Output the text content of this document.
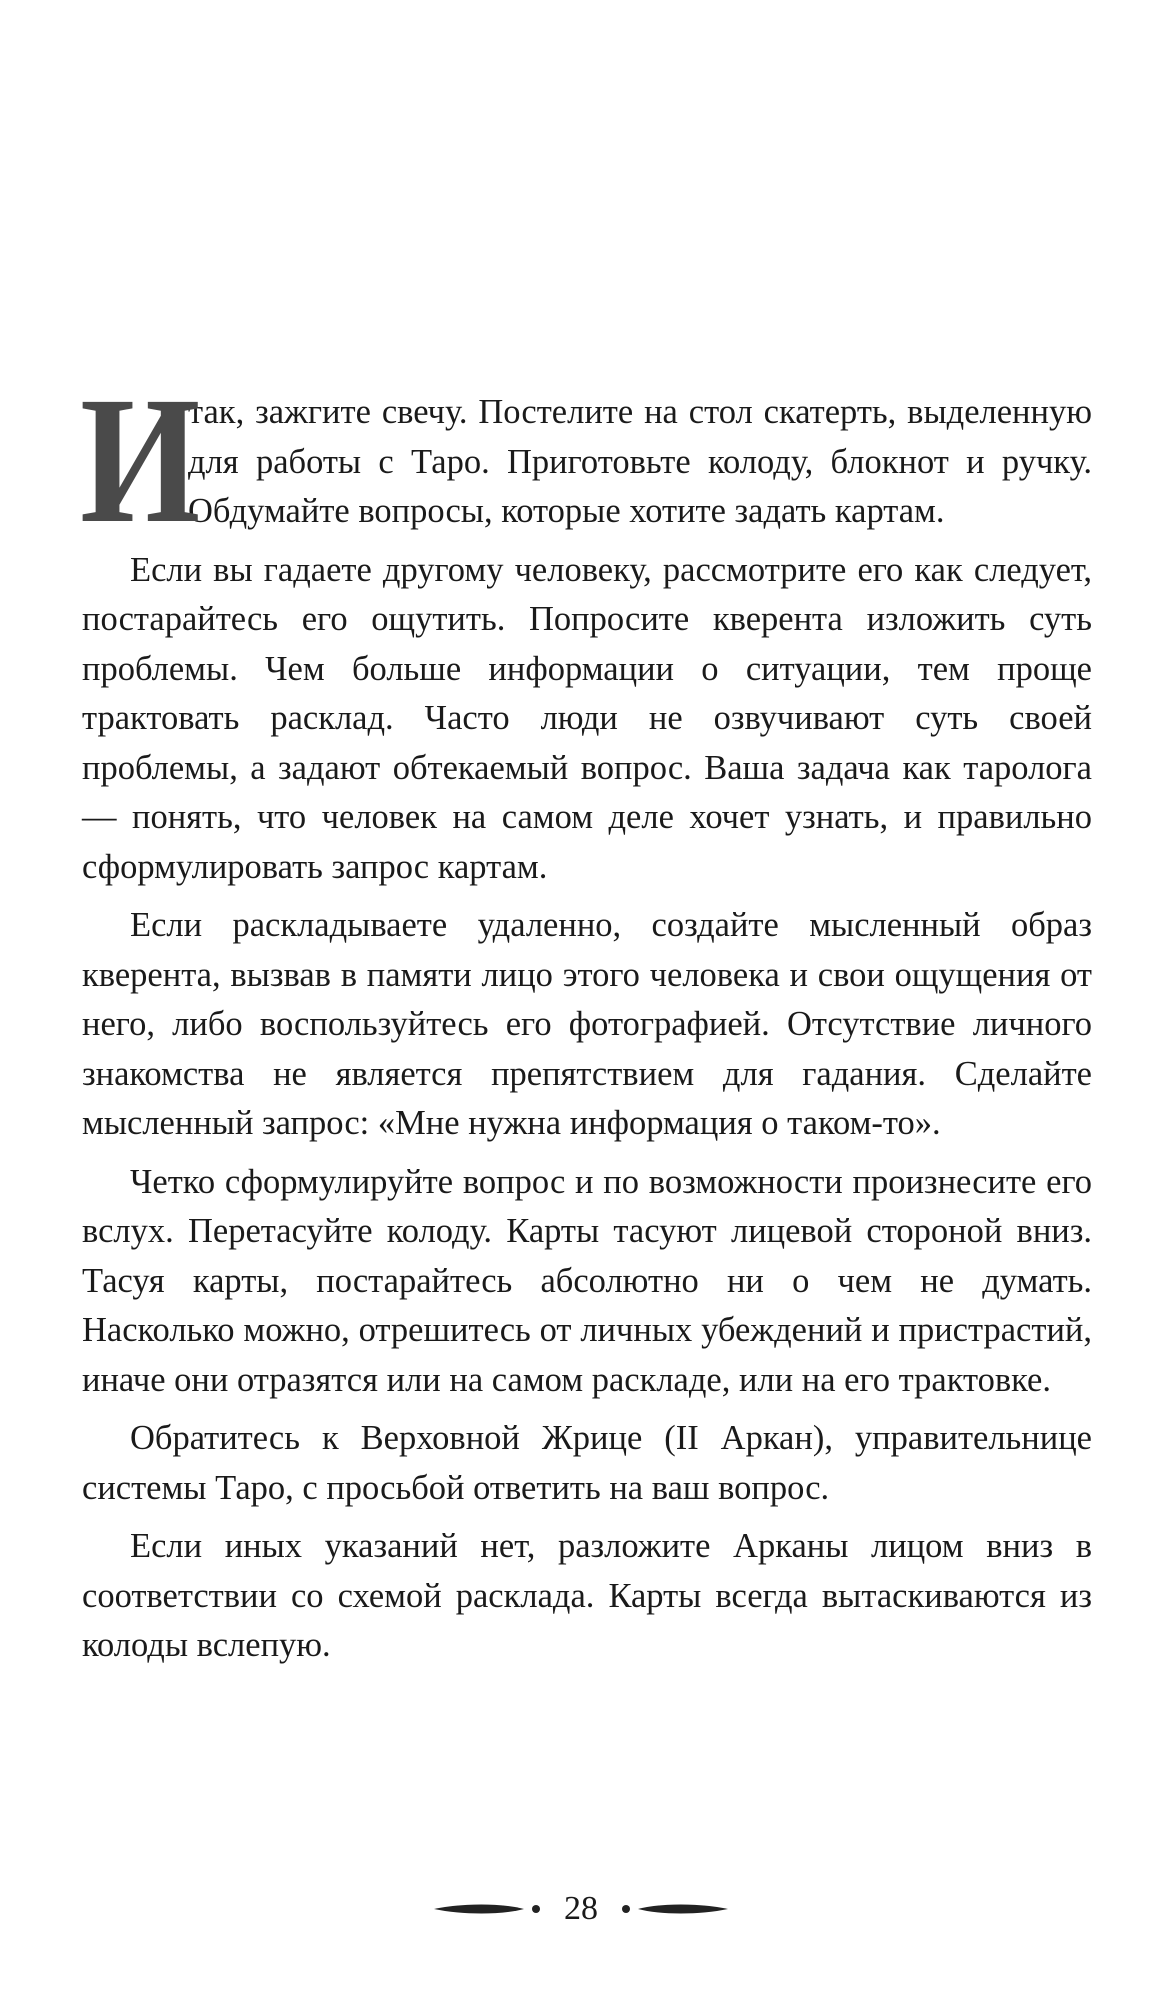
И
так, зажгите свечу. Постелите на стол скатерть, выделенную для работы с Таро. Приготовьте колоду, блокнот и ручку. Обдумайте вопросы, которые хотите задать картам.

Если вы гадаете другому человеку, рассмотрите его как следует, постарайтесь его ощутить. Попросите кверента изложить суть проблемы. Чем больше информации о ситуации, тем проще трактовать расклад. Часто люди не озвучивают суть своей проблемы, а задают обтекаемый вопрос. Ваша задача как таролога — понять, что человек на самом деле хочет узнать, и правильно сформулировать запрос картам.

Если раскладываете удаленно, создайте мысленный образ кверента, вызвав в памяти лицо этого человека и свои ощущения от него, либо воспользуйтесь его фотографией. Отсутствие личного знакомства не является препятствием для гадания. Сделайте мысленный запрос: «Мне нужна информация о таком-то».

Четко сформулируйте вопрос и по возможности произнесите его вслух. Перетасуйте колоду. Карты тасуют лицевой стороной вниз. Тасуя карты, постарайтесь абсолютно ни о чем не думать. Насколько можно, отрешитесь от личных убеждений и пристрастий, иначе они отразятся или на самом раскладе, или на его трактовке.

Обратитесь к Верховной Жрице (II Аркан), управительнице системы Таро, с просьбой ответить на ваш вопрос.

Если иных указаний нет, разложите Арканы лицом вниз в соответствии со схемой расклада. Карты всегда вытаскиваются из колоды вслепую.

28
